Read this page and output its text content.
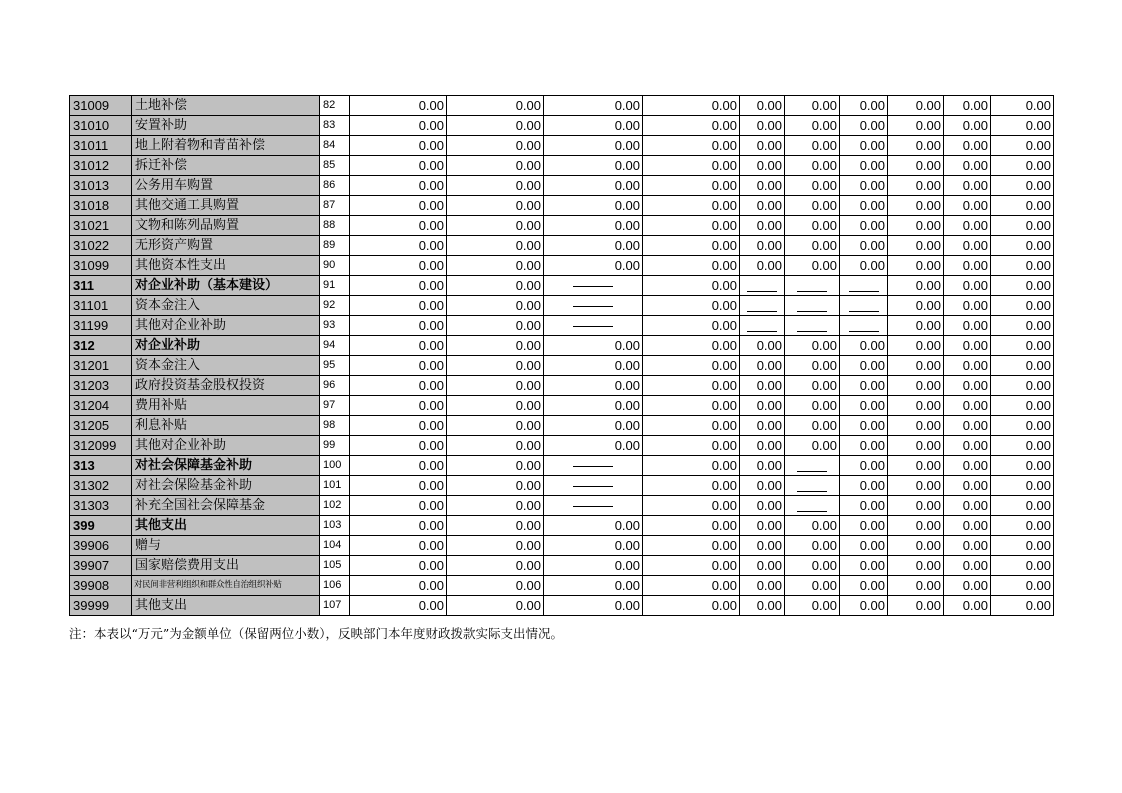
31009	土地补偿	82	0.00	0.00	0.00	0.00	0.00	0.00	0.00	0.00	0.00	0.00
31010	安置补助	83	0.00	0.00	0.00	0.00	0.00	0.00	0.00	0.00	0.00	0.00
31011	地上附着物和青苗补偿	84	0.00	0.00	0.00	0.00	0.00	0.00	0.00	0.00	0.00	0.00
31012	拆迁补偿	85	0.00	0.00	0.00	0.00	0.00	0.00	0.00	0.00	0.00	0.00
31013	公务用车购置	86	0.00	0.00	0.00	0.00	0.00	0.00	0.00	0.00	0.00	0.00
31018	其他交通工具购置	87	0.00	0.00	0.00	0.00	0.00	0.00	0.00	0.00	0.00	0.00
31021	文物和陈列品购置	88	0.00	0.00	0.00	0.00	0.00	0.00	0.00	0.00	0.00	0.00
31022	无形资产购置	89	0.00	0.00	0.00	0.00	0.00	0.00	0.00	0.00	0.00	0.00
31099	其他资本性支出	90	0.00	0.00	0.00	0.00	0.00	0.00	0.00	0.00	0.00	0.00
311	对企业补助（基本建设）	91	0.00	0.00		0.00				0.00	0.00	0.00
31101	资本金注入	92	0.00	0.00		0.00				0.00	0.00	0.00
31199	其他对企业补助	93	0.00	0.00		0.00				0.00	0.00	0.00
312	对企业补助	94	0.00	0.00	0.00	0.00	0.00	0.00	0.00	0.00	0.00	0.00
31201	资本金注入	95	0.00	0.00	0.00	0.00	0.00	0.00	0.00	0.00	0.00	0.00
31203	政府投资基金股权投资	96	0.00	0.00	0.00	0.00	0.00	0.00	0.00	0.00	0.00	0.00
31204	费用补贴	97	0.00	0.00	0.00	0.00	0.00	0.00	0.00	0.00	0.00	0.00
31205	利息补贴	98	0.00	0.00	0.00	0.00	0.00	0.00	0.00	0.00	0.00	0.00
312099	其他对企业补助	99	0.00	0.00	0.00	0.00	0.00	0.00	0.00	0.00	0.00	0.00
313	对社会保障基金补助	100	0.00	0.00		0.00	0.00		0.00	0.00	0.00	0.00
31302	对社会保险基金补助	101	0.00	0.00		0.00	0.00		0.00	0.00	0.00	0.00
31303	补充全国社会保障基金	102	0.00	0.00		0.00	0.00		0.00	0.00	0.00	0.00
399	其他支出	103	0.00	0.00	0.00	0.00	0.00	0.00	0.00	0.00	0.00	0.00
39906	赠与	104	0.00	0.00	0.00	0.00	0.00	0.00	0.00	0.00	0.00	0.00
39907	国家赔偿费用支出	105	0.00	0.00	0.00	0.00	0.00	0.00	0.00	0.00	0.00	0.00
39908	对民间非营利组织和群众性自治组织补贴	106	0.00	0.00	0.00	0.00	0.00	0.00	0.00	0.00	0.00	0.00
39999	其他支出	107	0.00	0.00	0.00	0.00	0.00	0.00	0.00	0.00	0.00	0.00
注：本表以“万元”为金额单位（保留两位小数），反映部门本年度财政拨款实际支出情况。
